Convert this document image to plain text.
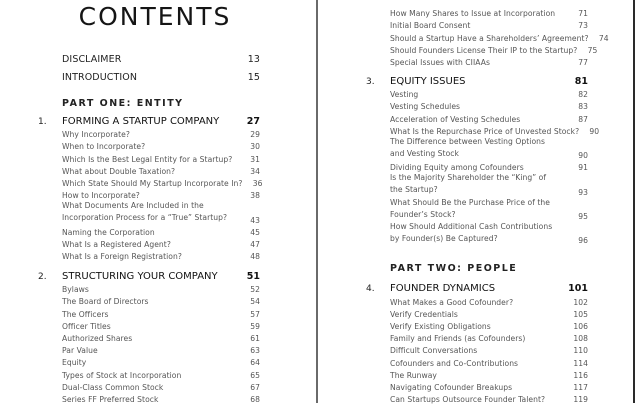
CONTENTS
DISCLAIMER	13
INTRODUCTION	15
PART ONE: ENTITY
1.	FORMING A STARTUP COMPANY	27
Why Incorporate?	29
When to Incorporate?	30
Which Is the Best Legal Entity for a Startup?	31
What about Double Taxation?	34
Which State Should My Startup Incorporate In?	36
How to Incorporate?	38
What Documents Are Included in the Incorporation Process for a “True” Startup?	43
Naming the Corporation	45
What Is a Registered Agent?	47
What Is a Foreign Registration?	48
2.	STRUCTURING YOUR COMPANY	51
Bylaws	52
The Board of Directors	54
The Officers	57
Officer Titles	59
Authorized Shares	61
Par Value	63
Equity	64
Types of Stock at Incorporation	65
Dual-Class Common Stock	67
Series FF Preferred Stock	68
How Many Shares to Issue at Incorporation	71
Initial Board Consent	73
Should a Startup Have a Shareholders’ Agreement?	74
Should Founders License Their IP to the Startup?	75
Special Issues with CIIAAs	77
3.	EQUITY ISSUES	81
Vesting	82
Vesting Schedules	83
Acceleration of Vesting Schedules	87
What Is the Repurchase Price of Unvested Stock?	90
The Difference between Vesting Options and Vesting Stock	90
Dividing Equity among Cofounders	91
Is the Majority Shareholder the “King” of the Startup?	93
What Should Be the Purchase Price of the Founder’s Stock?	95
How Should Additional Cash Contributions by Founder(s) Be Captured?	96
PART TWO: PEOPLE
4.	FOUNDER DYNAMICS	101
What Makes a Good Cofounder?	102
Verify Credentials	105
Verify Existing Obligations	106
Family and Friends (as Cofounders)	108
Difficult Conversations	110
Cofounders and Co-Contributions	114
The Runway	116
Navigating Cofounder Breakups	117
Can Startups Outsource Founder Talent?	119
